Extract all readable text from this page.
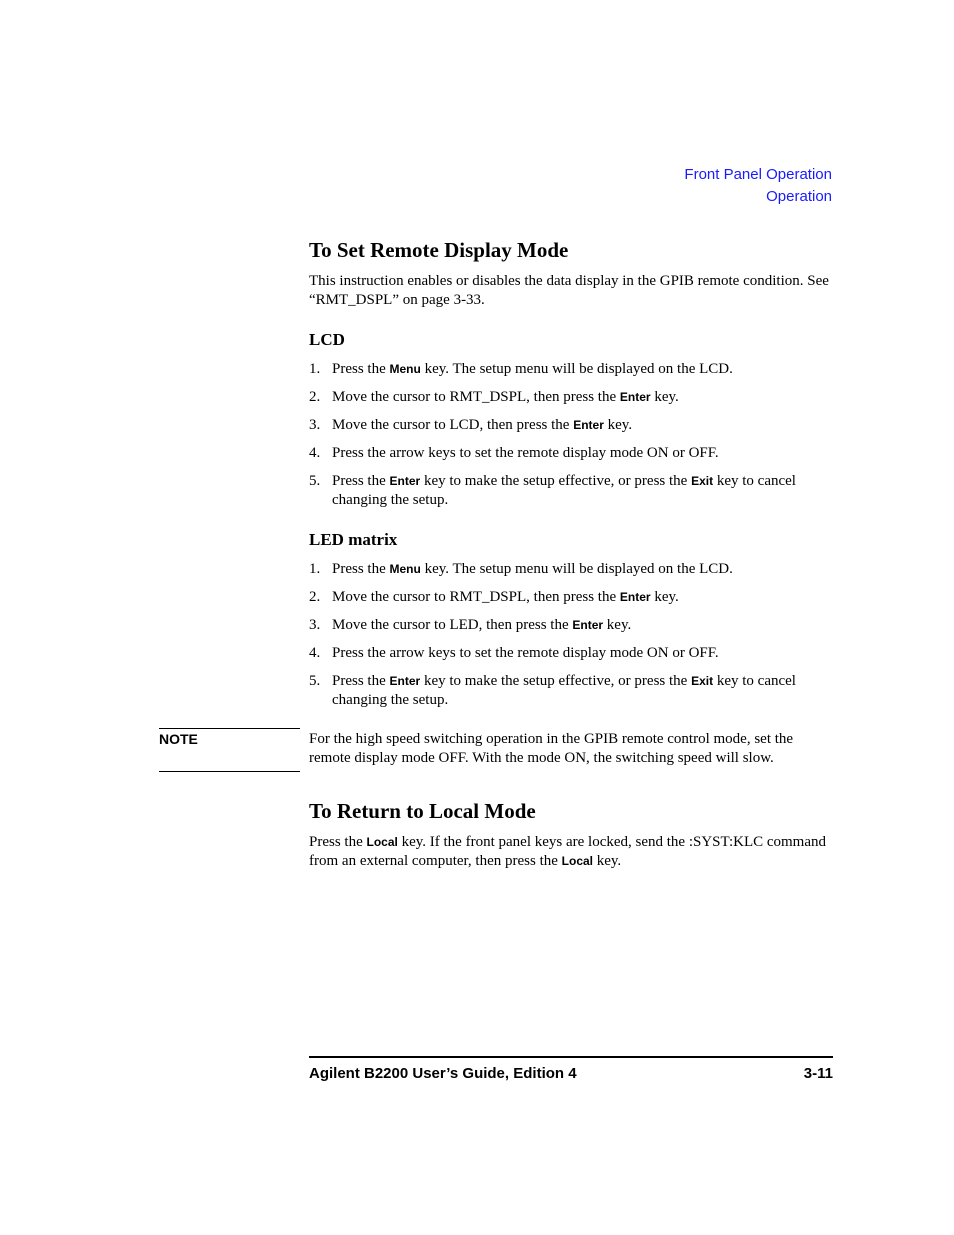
Front Panel Operation
Operation
To Set Remote Display Mode

This instruction enables or disables the data display in the GPIB remote condition. See “RMT_DSPL” on page 3-33.

LCD
1. Press the Menu key. The setup menu will be displayed on the LCD.
2. Move the cursor to RMT_DSPL, then press the Enter key.
3. Move the cursor to LCD, then press the Enter key.
4. Press the arrow keys to set the remote display mode ON or OFF.
5. Press the Enter key to make the setup effective, or press the Exit key to cancel changing the setup.
LED matrix
1. Press the Menu key. The setup menu will be displayed on the LCD.
2. Move the cursor to RMT_DSPL, then press the Enter key.
3. Move the cursor to LED, then press the Enter key.
4. Press the arrow keys to set the remote display mode ON or OFF.
5. Press the Enter key to make the setup effective, or press the Exit key to cancel changing the setup.
NOTE	For the high speed switching operation in the GPIB remote control mode, set the remote display mode OFF. With the mode ON, the switching speed will slow.

To Return to Local Mode

Press the Local key. If the front panel keys are locked, send the :SYST:KLC command from an external computer, then press the Local key.

Agilent B2200 User’s Guide, Edition 4	3-11
